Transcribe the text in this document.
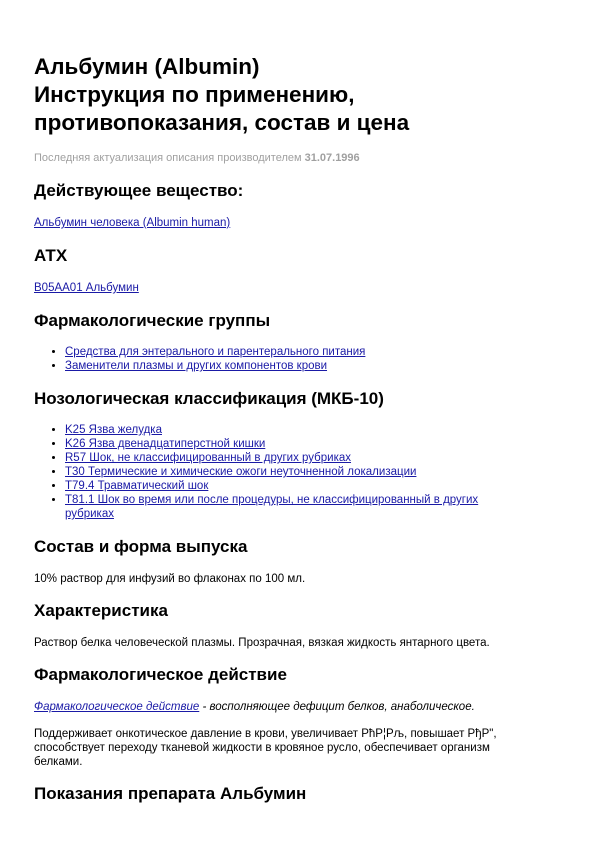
Альбумин (Albumin)
Инструкция по применению,
противопоказания, состав и цена
Последняя актуализация описания производителем 31.07.1996
Действующее вещество:
Альбумин человека (Albumin human)
АТХ
B05AA01 Альбумин
Фармакологические группы
• Средства для энтерального и парентерального питания
• Заменители плазмы и других компонентов крови
Нозологическая классификация (МКБ-10)
• K25 Язва желудка
• K26 Язва двенадцатиперстной кишки
• R57 Шок, не классифицированный в других рубриках
• T30 Термические и химические ожоги неуточненной локализации
• T79.4 Травматический шок
• T81.1 Шок во время или после процедуры, не классифицированный в других
рубриках
Состав и форма выпуска

10% раствор для инфузий во флаконах по 100 мл.

Характеристика

Раствор белка человеческой плазмы. Прозрачная, вязкая жидкость янтарного цвета.

Фармакологическое действие

Фармакологическое действие - восполняющее дефицит белков, анаболическое.

Поддерживает онкотическое давление в крови, увеличивает РћР¦Рљ, повышает РђР",
способствует переходу тканевой жидкости в кровяное русло, обеспечивает организм
белками.

Показания препарата Альбумин
